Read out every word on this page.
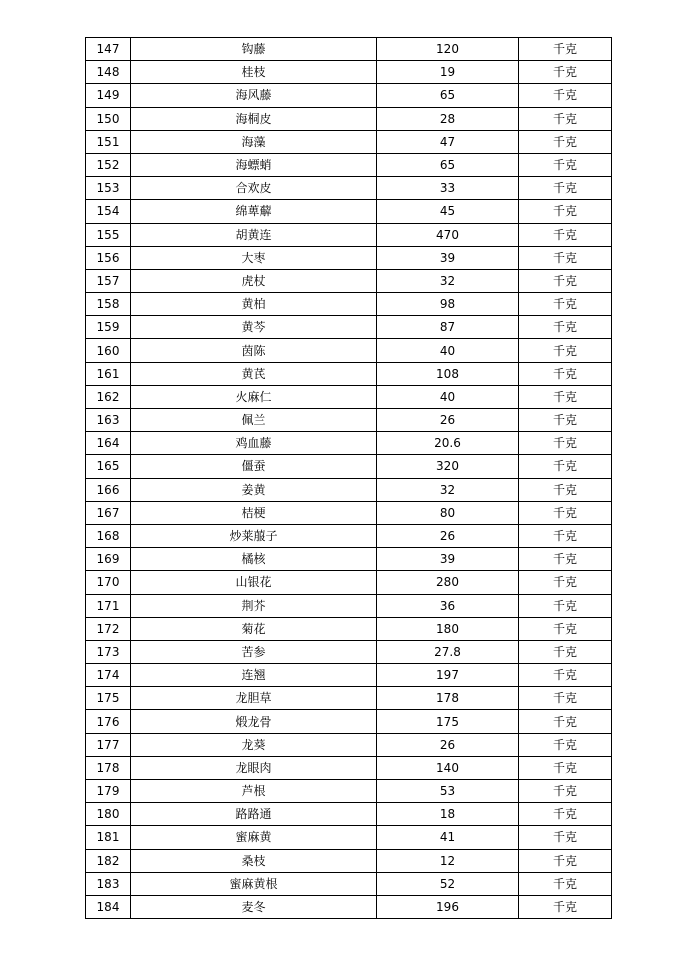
147	钩藤	120	千克
148	桂枝	19	千克
149	海风藤	65	千克
150	海桐皮	28	千克
151	海藻	47	千克
152	海螵蛸	65	千克
153	合欢皮	33	千克
154	绵萆薢	45	千克
155	胡黄连	470	千克
156	大枣	39	千克
157	虎杖	32	千克
158	黄柏	98	千克
159	黄芩	87	千克
160	茵陈	40	千克
161	黄芪	108	千克
162	火麻仁	40	千克
163	佩兰	26	千克
164	鸡血藤	20.6	千克
165	僵蚕	320	千克
166	姜黄	32	千克
167	桔梗	80	千克
168	炒莱菔子	26	千克
169	橘核	39	千克
170	山银花	280	千克
171	荆芥	36	千克
172	菊花	180	千克
173	苦参	27.8	千克
174	连翘	197	千克
175	龙胆草	178	千克
176	煅龙骨	175	千克
177	龙葵	26	千克
178	龙眼肉	140	千克
179	芦根	53	千克
180	路路通	18	千克
181	蜜麻黄	41	千克
182	桑枝	12	千克
183	蜜麻黄根	52	千克
184	麦冬	196	千克
